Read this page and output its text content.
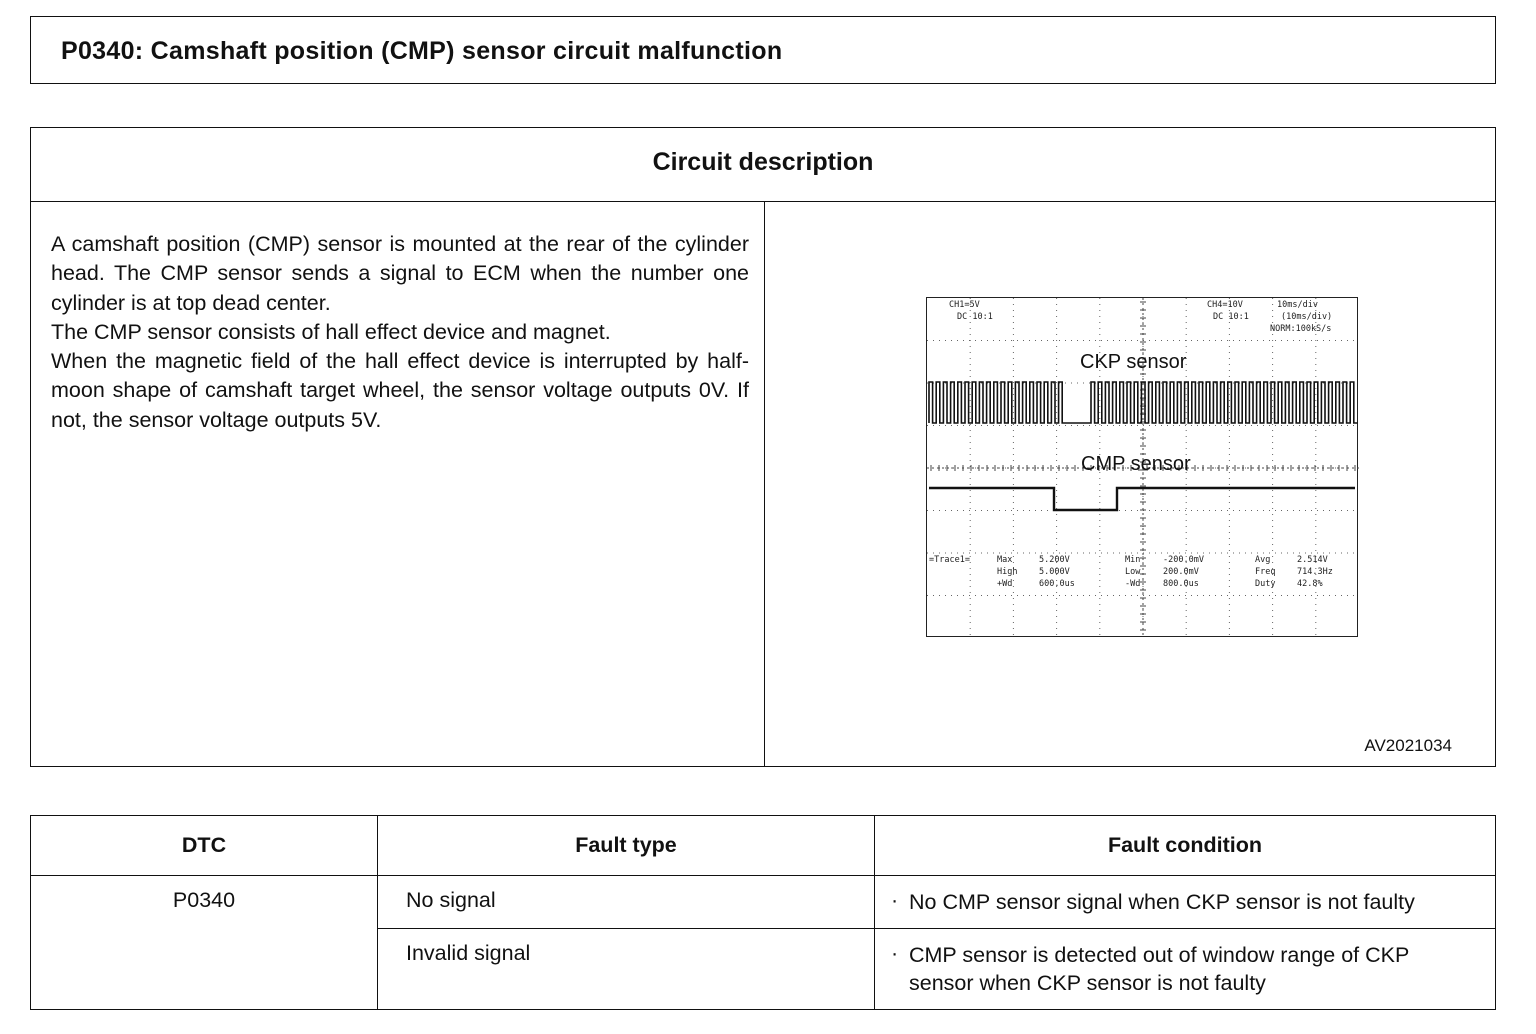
P0340: Camshaft position (CMP) sensor circuit malfunction
Circuit description

A camshaft position (CMP) sensor is mounted at the rear of the cylinder head. The CMP sensor sends a signal to ECM when the number one cylinder is at top dead center.

The CMP sensor consists of hall effect device and magnet.

When the magnetic field of the hall effect device is interrupted by half-moon shape of camshaft target wheel, the sensor voltage outputs 0V. If not, the sensor voltage outputs 5V.

CH1=5V
DC 10:1
CH4=10V
DC 10:1
10ms/div
(10ms/div)
NORM:100kS/s
CKP sensor
CMP sensor
=Trace1=	Max	5.200V	Min	-200.0mV	Avg	2.514V
High	5.000V	Low	200.0mV	Freq	714.3Hz
+Wd	600.0us	-Wd	800.0us	Duty	42.8%
AV2021034
DTC	Fault type	Fault condition
P0340	No signal	· No CMP sensor signal when CKP sensor is not faulty

	Invalid signal	· CMP sensor is detected out of window range of CKP sensor when CKP sensor is not faulty
